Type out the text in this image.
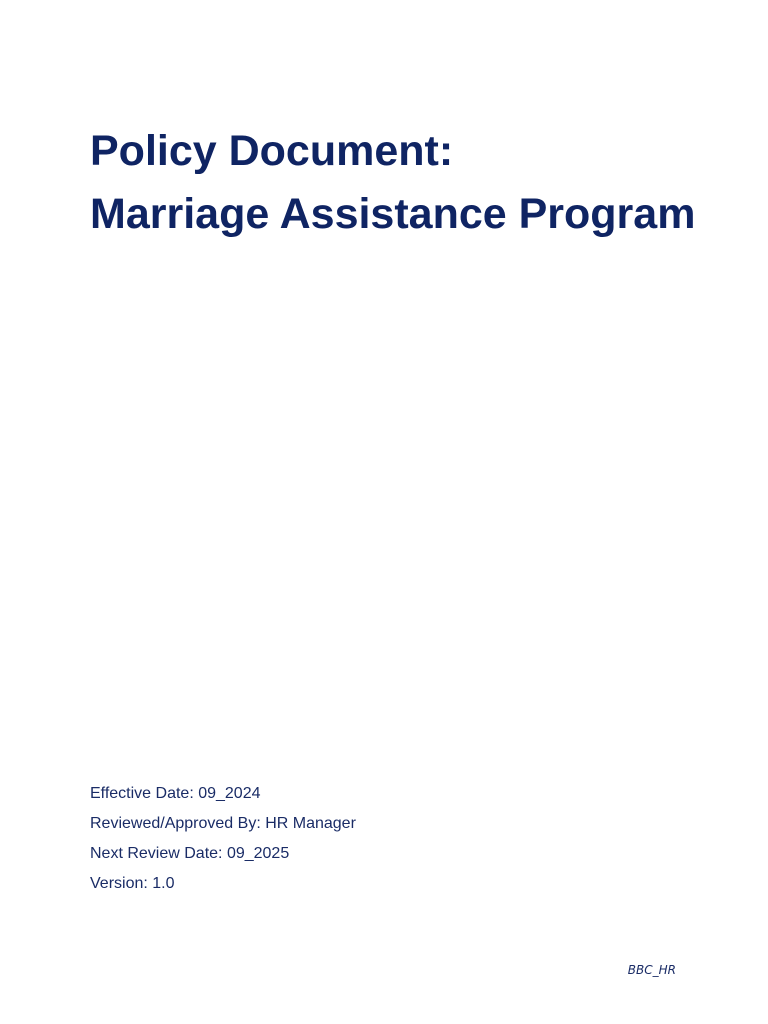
Policy Document:
Marriage Assistance Program
Effective Date: 09_2024
Reviewed/Approved By: HR Manager
Next Review Date: 09_2025
Version: 1.0
BBC_HR
